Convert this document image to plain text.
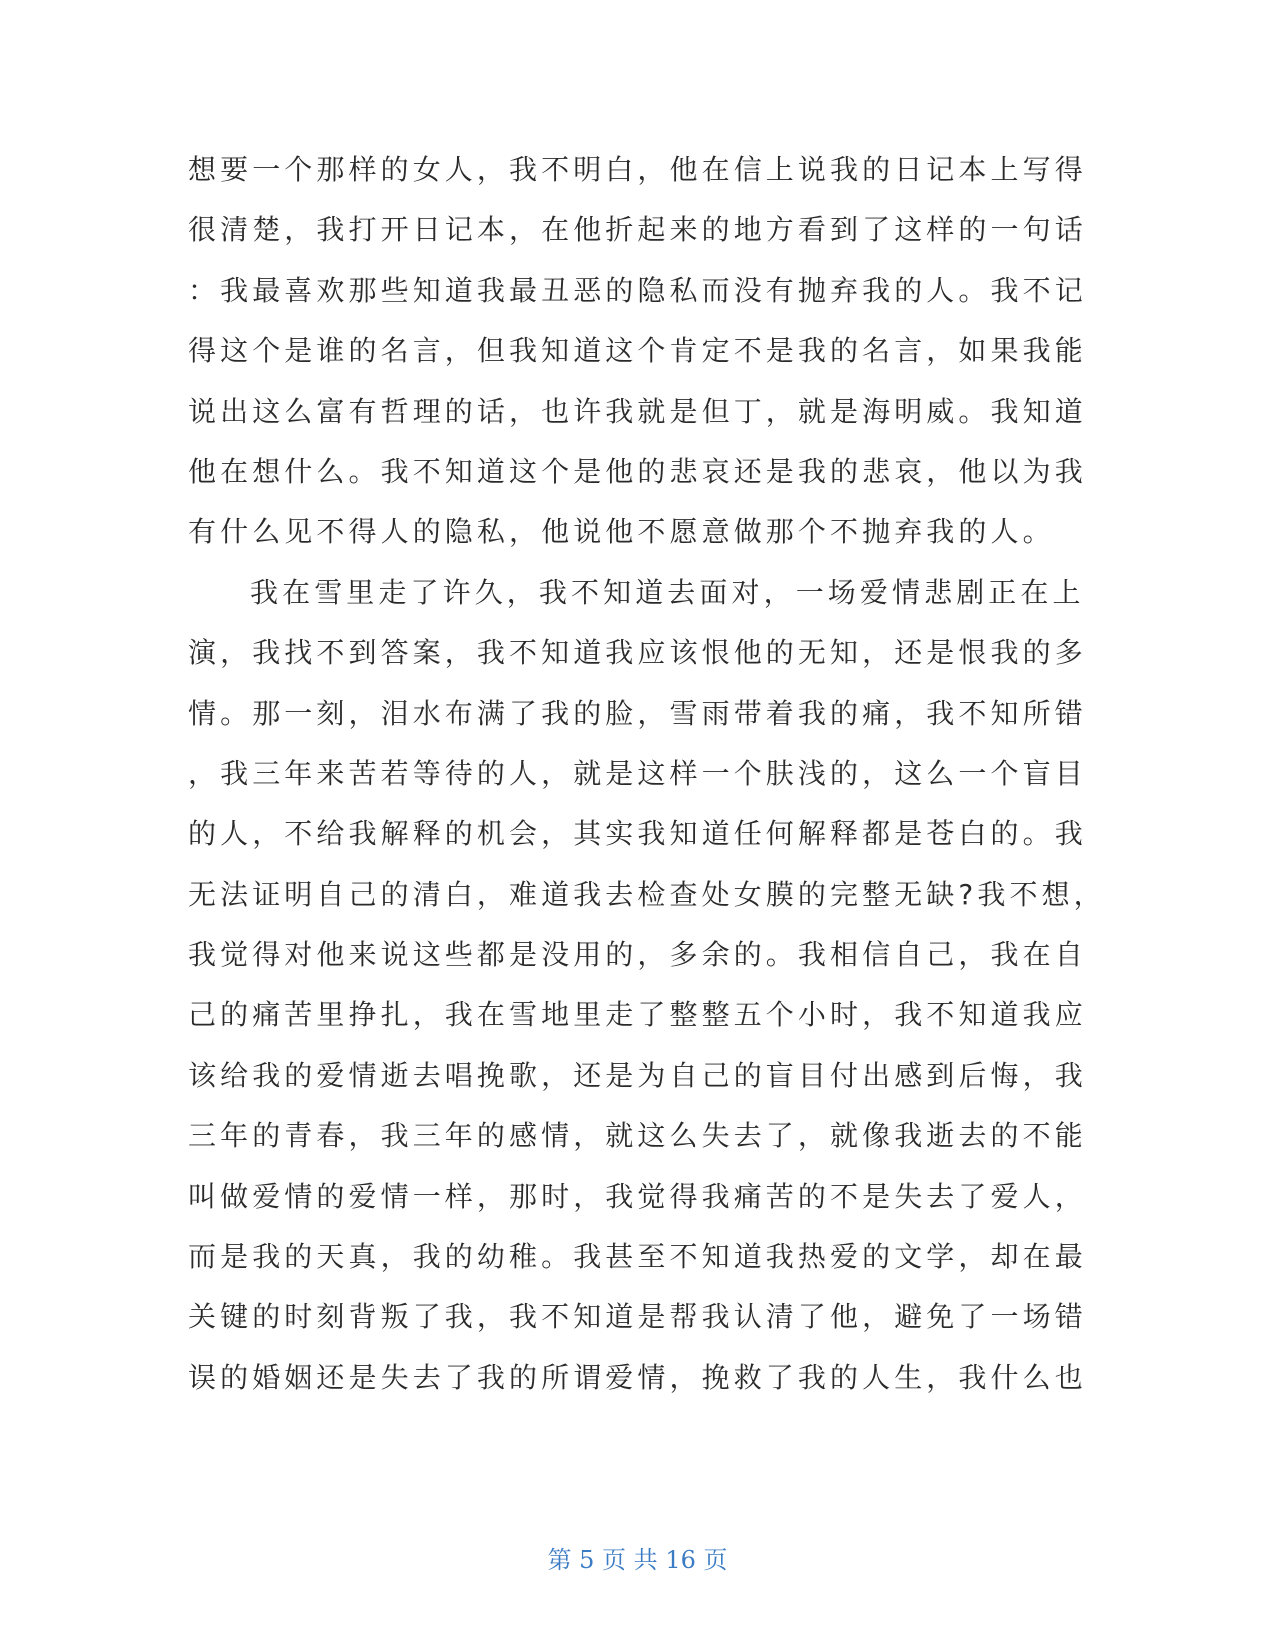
想要一个那样的女人，我不明白，他在信上说我的日记本上写得
很清楚，我打开日记本，在他折起来的地方看到了这样的一句话
：我最喜欢那些知道我最丑恶的隐私而没有抛弃我的人。我不记
得这个是谁的名言，但我知道这个肯定不是我的名言，如果我能
说出这么富有哲理的话，也许我就是但丁，就是海明威。我知道
他在想什么。我不知道这个是他的悲哀还是我的悲哀，他以为我
有什么见不得人的隐私，他说他不愿意做那个不抛弃我的人。
我在雪里走了许久，我不知道去面对，一场爱情悲剧正在上
演，我找不到答案，我不知道我应该恨他的无知，还是恨我的多
情。那一刻，泪水布满了我的脸，雪雨带着我的痛，我不知所错
，我三年来苦若等待的人，就是这样一个肤浅的，这么一个盲目
的人，不给我解释的机会，其实我知道任何解释都是苍白的。我
无法证明自己的清白，难道我去检查处女膜的完整无缺?我不想，
我觉得对他来说这些都是没用的，多余的。我相信自己，我在自
己的痛苦里挣扎，我在雪地里走了整整五个小时，我不知道我应
该给我的爱情逝去唱挽歌，还是为自己的盲目付出感到后悔，我
三年的青春，我三年的感情，就这么失去了，就像我逝去的不能
叫做爱情的爱情一样，那时，我觉得我痛苦的不是失去了爱人，
而是我的天真，我的幼稚。我甚至不知道我热爱的文学，却在最
关键的时刻背叛了我，我不知道是帮我认清了他，避免了一场错
误的婚姻还是失去了我的所谓爱情，挽救了我的人生，我什么也
第 5 页 共 16 页
